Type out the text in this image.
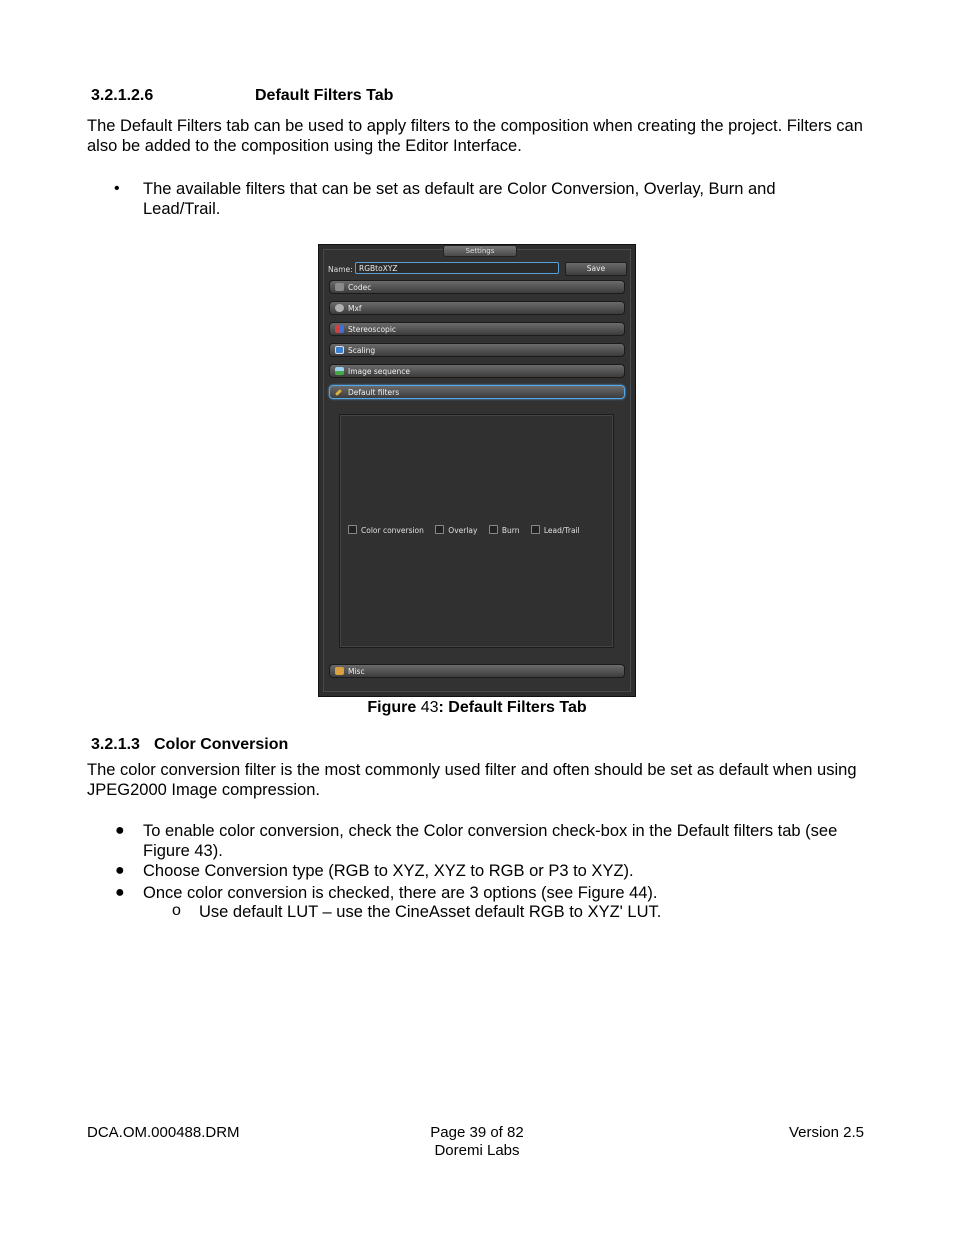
3.2.1.2.6	Default Filters Tab
The Default Filters tab can be used to apply filters to the composition when creating the project. Filters can also be added to the composition using the Editor Interface.
• The available filters that can be set as default are Color Conversion, Overlay, Burn and Lead/Trail.
Settings
Name: RGBtoXYZ	Save
Codec
Mxf
Stereoscopic
Scaling
Image sequence
Default filters
Color conversion	Overlay	Burn	Lead/Trail
Misc
Figure 43: Default Filters Tab
3.2.1.3 Color Conversion
The color conversion filter is the most commonly used filter and often should be set as default when using JPEG2000 Image compression.
● To enable color conversion, check the Color conversion check-box in the Default filters tab (see Figure 43).
● Choose Conversion type (RGB to XYZ, XYZ to RGB or P3 to XYZ).
● Once color conversion is checked, there are 3 options (see Figure 44).
o Use default LUT – use the CineAsset default RGB to XYZ' LUT.
DCA.OM.000488.DRM	Page 39 of 82
Doremi Labs
Version 2.5
